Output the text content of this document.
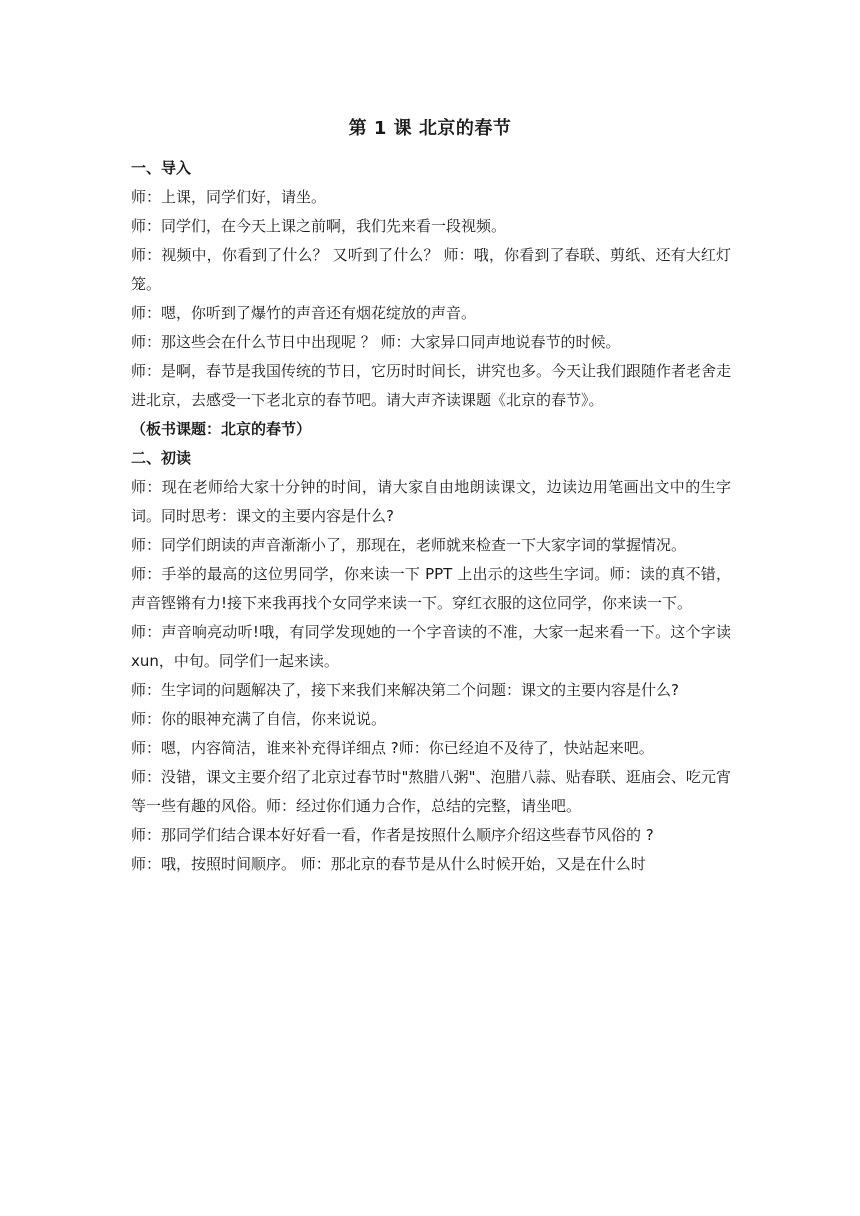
第 1 课 北京的春节

一、导入

师：上课，同学们好，请坐。

师：同学们，在今天上课之前啊，我们先来看一段视频。

师：视频中，你看到了什么？ 又听到了什么？ 师：哦，你看到了春联、剪纸、还有大红灯笼。

师：嗯，你听到了爆竹的声音还有烟花绽放的声音。

师：那这些会在什么节日中出现呢 ？ 师：大家异口同声地说春节的时候。

师：是啊，春节是我国传统的节日，它历时时间长，讲究也多。今天让我们跟随作者老舍走进北京，去感受一下老北京的春节吧。请大声齐读课题《北京的春节》。

（板书课题：北京的春节）

二、初读

师：现在老师给大家十分钟的时间，请大家自由地朗读课文，边读边用笔画出文中的生字词。同时思考：课文的主要内容是什么?

师：同学们朗读的声音渐渐小了，那现在，老师就来检查一下大家字词的掌握情况。

师：手举的最高的这位男同学，你来读一下 PPT 上出示的这些生字词。师：读的真不错，声音铿锵有力!接下来我再找个女同学来读一下。穿红衣服的这位同学，你来读一下。

师：声音响亮动听!哦，有同学发现她的一个字音读的不准，大家一起来看一下。这个字读 xun，中旬。同学们一起来读。

师：生字词的问题解决了，接下来我们来解决第二个问题：课文的主要内容是什么?

师：你的眼神充满了自信，你来说说。

师：嗯，内容简洁，谁来补充得详细点 ?师：你已经迫不及待了，快站起来吧。

师：没错，课文主要介绍了北京过春节时"熬腊八粥"、泡腊八蒜、贴春联、逛庙会、吃元宵等一些有趣的风俗。师：经过你们通力合作，总结的完整，请坐吧。

师：那同学们结合课本好好看一看，作者是按照什么顺序介绍这些春节风俗的 ?

师：哦，按照时间顺序。 师：那北京的春节是从什么时候开始，又是在什么时
